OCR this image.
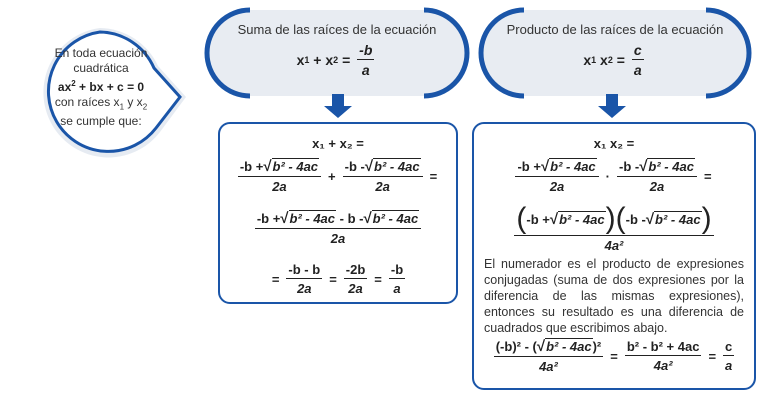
En toda ecuación
cuadrática
$ax^2$ + bx + c = 0
con raíces $x_1$ y $x_2$
se cumple que:
Suma de las raíces de la ecuación
x 1 + x $2 = \frac{-b}{a}$
Producto de las raíces de la ecuación
x 1 x $2 = \frac{c}{a}$
x₁ + x₂ =
$\frac{\text{-b +√b² - 4ac}}{2a} + \frac{\text{-b -√b² - 4ac}}{2a}$ =
$\frac{\text{-b +√b² - 4ac - b -√b² - 4ac}}{2a}$
= $\frac{-b - b}{2a} = \frac{-2b}{2a} = \frac{-b}{a}$
x₁ x₂ =
$\frac{\text{-b +√b² - 4ac}}{2a} \cdot \frac{\text{-b -√b² - 4ac}}{2a}$ =
$\frac{\text{( -b + √ b² - 4ac ) ( -b - √ b² - 4ac )}}{\text{4a²}}$
El numerador es el producto de expresiones conjugadas (suma de dos expresiones por la diferencia de las mismas expresiones), entonces su resultado es una diferencia de cuadrados que escribimos abajo.
$\frac{\text{(-b)² - (√b² - 4ac)²}}{\text{4a²}} = \frac{\text{b² - b² + 4ac}}{\text{4a²}} = \frac{c}{a}$
